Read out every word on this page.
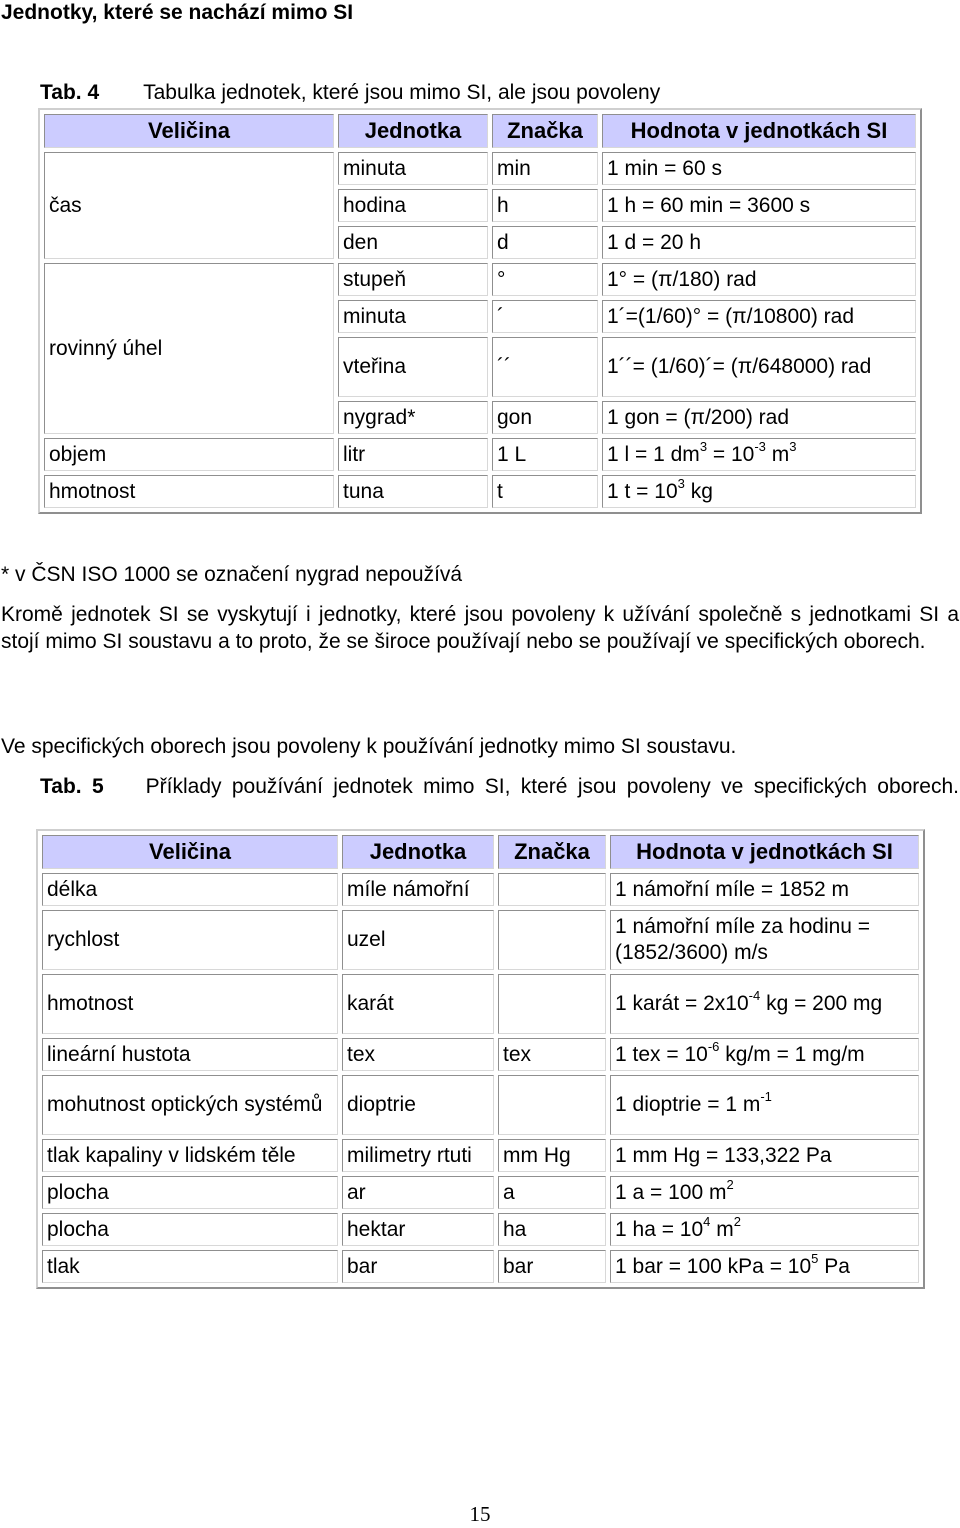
Jednotky, které se nachází mimo SI
Tab. 4 Tabulka jednotek, které jsou mimo SI, ale jsou povoleny
Veličina	Jednotka	Značka	Hodnota v jednotkách SI
čas	minuta	min	1 min = 60 s
	hodina	h	1 h = 60 min = 3600 s
	den	d	1 d = 20 h
rovinný úhel	stupeň	°	1° = (π/180) rad
	minuta	´	1´=(1/60)° = (π/10800) rad
	vteřina	´´	1´´= (1/60)´= (π/648000) rad
	nygrad*	gon	1 gon = (π/200) rad
objem	litr	1 L	1 l = 1 $dm^3 = 10^{-3}$ $m^3$
hmotnost	tuna	t	1 $t = 10^3$ kg
* v ČSN ISO 1000 se označení nygrad nepoužívá
Kromě jednotek SI se vyskytují i jednotky, které jsou povoleny k užívání společně s jednotkami SI a stojí mimo SI soustavu a to proto, že se široce používají nebo se používají ve specifických oborech.
Ve specifických oborech jsou povoleny k používání jednotky mimo SI soustavu.
Tab. 5 Příklady používání jednotek mimo SI, které jsou povoleny ve specifických oborech.
Veličina	Jednotka	Značka	Hodnota v jednotkách SI
délka	míle námořní		1 námořní míle = 1852 m
rychlost	uzel		1 námořní míle za hodinu = (1852/3600) m/s
hmotnost	karát		1 karát = $2x10^{-4}$ kg = 200 mg
lineární hustota	tex	tex	1 tex = $10^{-6}$ kg/m = 1 mg/m
mohutnost optických systémů	dioptrie		1 dioptrie = 1 $m^{-1}$
tlak kapaliny v lidském těle	milimetry rtuti	mm Hg	1 mm Hg = 133,322 Pa
plocha	ar	a	1 a = 100 $m^2$
plocha	hektar	ha	1 ha = $10^4$ $m^2$
tlak	bar	bar	1 bar = 100 kPa = $10^5$ Pa
15
